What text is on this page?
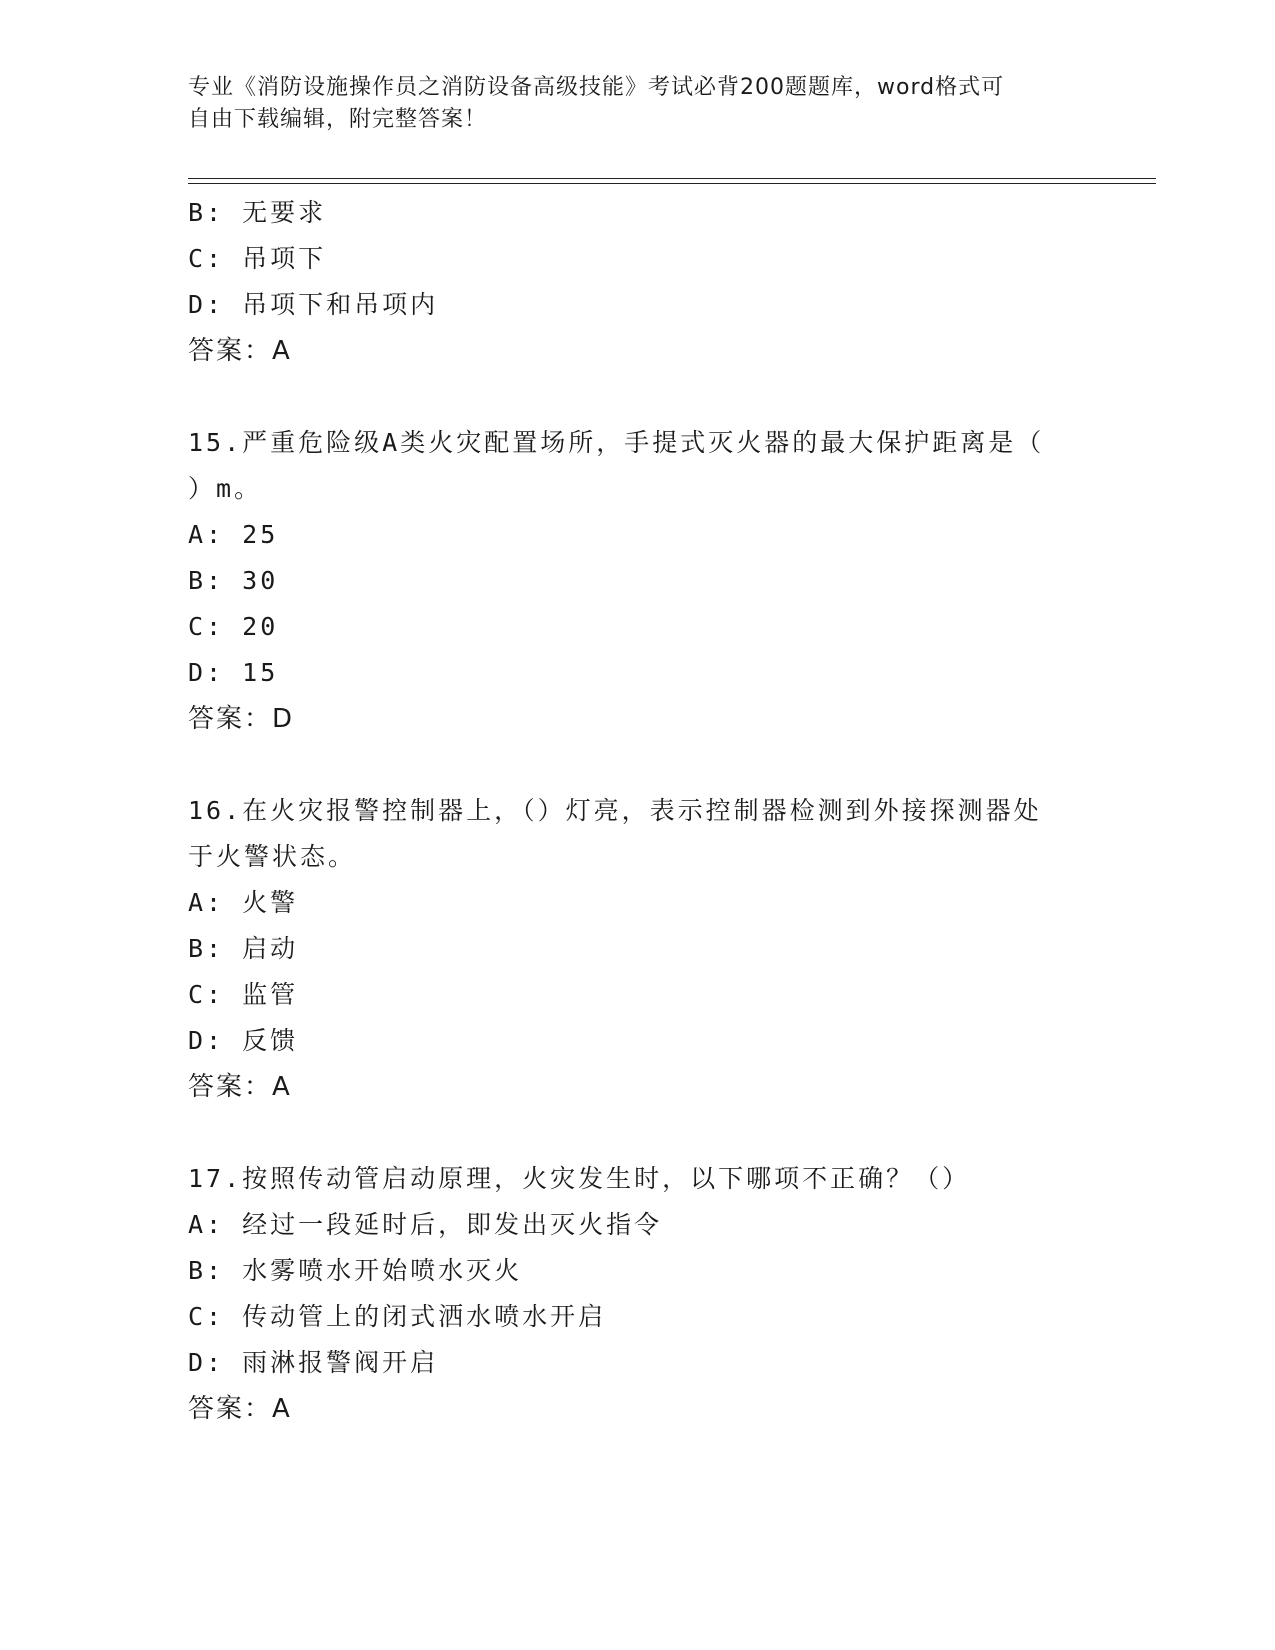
专业《消防设施操作员之消防设备高级技能》考试必背200题题库，word格式可
自由下载编辑，附完整答案！
B: 无要求
C: 吊项下
D: 吊项下和吊项内
答案：A
15.严重危险级A类火灾配置场所，手提式灭火器的最大保护距离是（
）m。
A: 25
B: 30
C: 20
D: 15
答案：D
16.在火灾报警控制器上，（）灯亮，表示控制器检测到外接探测器处
于火警状态。
A: 火警
B: 启动
C: 监管
D: 反馈
答案：A
17.按照传动管启动原理，火灾发生时，以下哪项不正确？（）
A: 经过一段延时后，即发出灭火指令
B: 水雾喷水开始喷水灭火
C: 传动管上的闭式洒水喷水开启
D: 雨淋报警阀开启
答案：A
